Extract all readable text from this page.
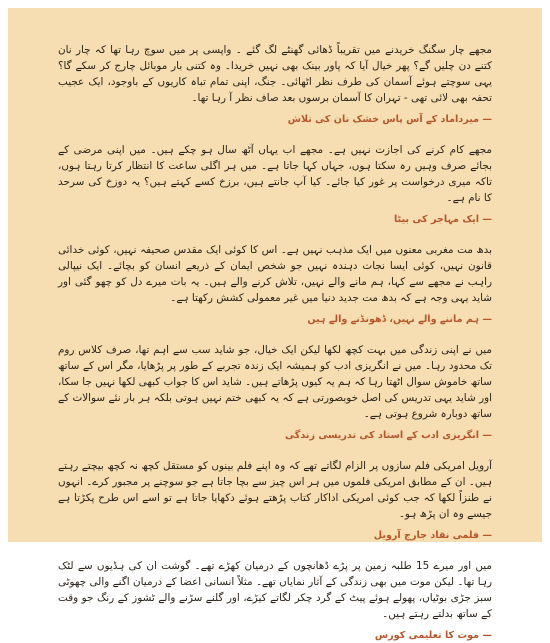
مجھے چار سگنگ خریدنے میں تقریباً ڈھائی گھنٹے لگ گئے ۔ واپسی پر میں سوچ رہا تھا کہ چار نان کتنے دن چلیں گے؟ پھر خیال آیا کہ پاور بینک بھی نہیں خریدا۔ وہ کتنی بار موبائل چارج کر سکے گا؟ یہی سوچتے ہوئے آسمان کی طرف نظر اٹھائی۔ جنگ، اپنی تمام تباہ کاریوں کے باوجود، ایک عجیب تحفہ بھی لائی تھی - تہران کا آسمان برسوں بعد صاف نظر آ رہا تھا۔

— میرداماد کے آس پاس خشک نان کی تلاش

مجھے کام کرنے کی اجازت نہیں ہے۔ مجھے اب یہاں آٹھ سال ہو چکے ہیں۔ میں اپنی مرضی کے بجائے صرف وہیں رہ سکتا ہوں، جہاں کہا جاتا ہے۔ میں ہر اگلی ساعت کا انتظار کرتا رہتا ہوں، تاکہ میری درخواست پر غور کیا جائے۔ کیا آپ جانتے ہیں، برزخ کسے کہتے ہیں؟ یہ دوزخ کی سرحد کا نام ہے۔

— ایک مہاجر کی بیٹا

بدھ مت مغربی معنوں میں ایک مذہب نہیں ہے۔ اس کا کوئی ایک مقدس صحیفہ نہیں، کوئی خدائی قانون نہیں، کوئی ایسا نجات دہندہ نہیں جو شخص ایمان کے ذریعے انسان کو بچائے۔ ایک نیپالی راہب نے مجھے سے کہا، ہم مانے والے نہیں، تلاش کرنے والے ہیں۔ یہ بات میرے دل کو چھو گئی اور شاید یہی وجہ ہے کہ بدھ مت جدید دنیا میں غیر معمولی کشش رکھتا ہے۔

— ہم ماننے والے نہیں، ڈھونڈنے والے ہیں

میں نے اپنی زندگی میں بہت کچھ لکھا لیکن ایک خیال، جو شاید سب سے اہم تھا، صرف کلاس روم تک محدود رہا۔ میں نے انگریزی ادب کو ہمیشہ ایک زندہ تجربے کے طور پر پڑھایا، مگر اس کے ساتھ ساتھ خاموش سوال اٹھتا رہا کہ ہم یہ کیوں پڑھاتے ہیں۔ شاید اس کا جواب کبھی لکھا نہیں جا سکا، اور شاید یہی تدریس کی اصل خوبصورتی ہے کہ یہ کبھی ختم نہیں ہوتی بلکہ ہر بار نئے سوالات کے ساتھ دوبارہ شروع ہوتی ہے۔

— انگریزی ادب کے استاد کی تدریسی زندگی

آرویل امریکی فلم سازوں پر الزام لگاتے تھے کہ وہ اپنے فلم بینوں کو مستقل کچھ نہ کچھ بیچتے رہتے ہیں۔ ان کے مطابق امریکی فلموں میں ہر اس چیز سے بچا جاتا ہے جو سوچنے پر مجبور کرے۔ انہوں نے طنزاً لکھا کہ جب کوئی امریکی اداکار کتاب پڑھتے ہوئے دکھایا جاتا ہے تو اسے اس طرح پکڑتا ہے جیسے وہ ان پڑھ ہو۔

— فلمی نقاد جارج آرویل

میں اور میرے 15 طلبہ زمین پر پڑے ڈھانچوں کے درمیان کھڑے تھے۔ گوشت ان کی ہڈیوں سے لٹک رہا تھا۔ لیکن موت میں بھی زندگی کے آثار نمایاں تھے۔ مثلاً انسانی اعضا کے درمیان اگنے والی چھوٹی سبز جڑی بوٹیاں، پھولے ہوئے پیٹ کے گرد چکر لگاتے کیڑے، اور گلنے سڑنے والے ٹشوز کے رنگ جو وقت کے ساتھ بدلتے رہتے ہیں۔

— موت کا تعلیمی کورس
